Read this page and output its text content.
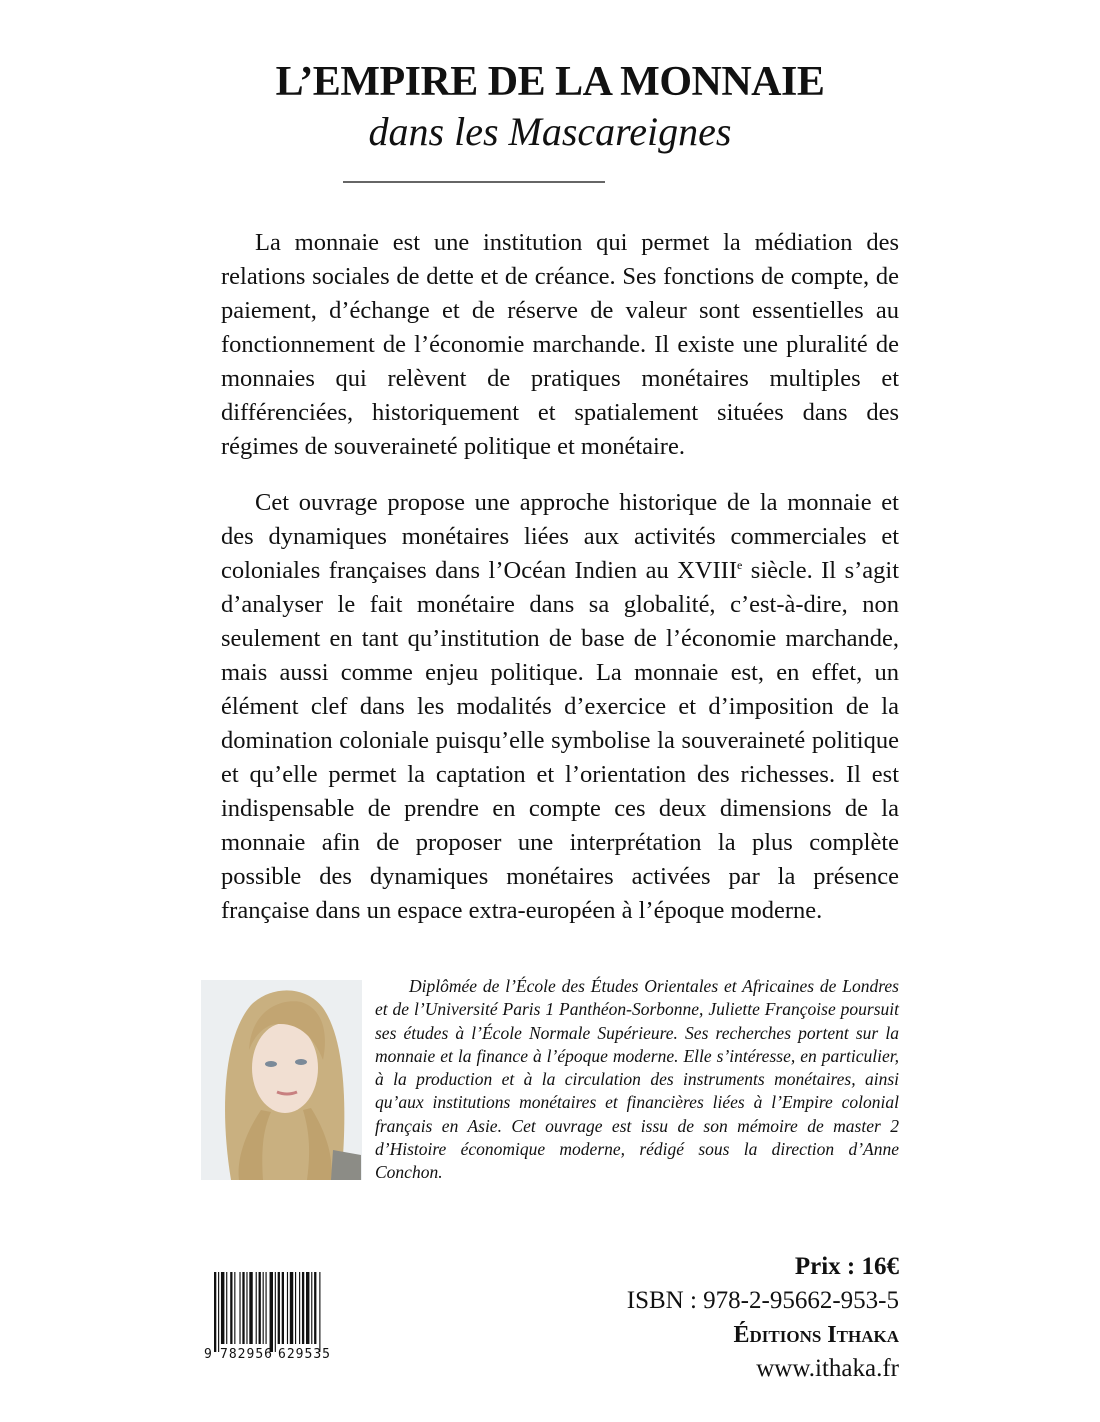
L’EMPIRE DE LA MONNAIE
dans les Mascareignes

La monnaie est une institution qui permet la médiation des relations sociales de dette et de créance. Ses fonctions de compte, de paiement, d’échange et de réserve de valeur sont essentielles au fonctionnement de l’économie marchande. Il existe une pluralité de monnaies qui relèvent de pratiques monétaires multiples et différenciées, historiquement et spatialement situées dans des régimes de souveraineté politique et monétaire.

Cet ouvrage propose une approche historique de la monnaie et des dynamiques monétaires liées aux activités commerciales et coloniales françaises dans l’Océan Indien au XVIIIe siècle. Il s’agit d’analyser le fait monétaire dans sa globalité, c’est-à-dire, non seulement en tant qu’institution de base de l’économie marchande, mais aussi comme enjeu politique. La monnaie est, en effet, un élément clef dans les modalités d’exercice et d’imposition de la domination coloniale puisqu’elle symbolise la souveraineté politique et qu’elle permet la captation et l’orientation des richesses. Il est indispensable de prendre en compte ces deux dimensions de la monnaie afin de proposer une interprétation la plus complète possible des dynamiques monétaires activées par la présence française dans un espace extra-européen à l’époque moderne.

Diplômée de l’École des Études Orientales et Africaines de Londres et de l’Université Paris 1 Panthéon-Sorbonne, Juliette Françoise poursuit ses études à l’École Normale Supérieure. Ses recherches portent sur la monnaie et la finance à l’époque moderne. Elle s’intéresse, en particulier, à la production et à la circulation des instruments monétaires, ainsi qu’aux institutions monétaires et financières liées à l’Empire colonial français en Asie. Cet ouvrage est issu de son mémoire de master 2 d’Histoire économique moderne, rédigé sous la direction d’Anne Conchon.

9 782956 629535
Prix : 16€
ISBN : 978-2-95662-953-5
Éditions Ithaka
www.ithaka.fr
